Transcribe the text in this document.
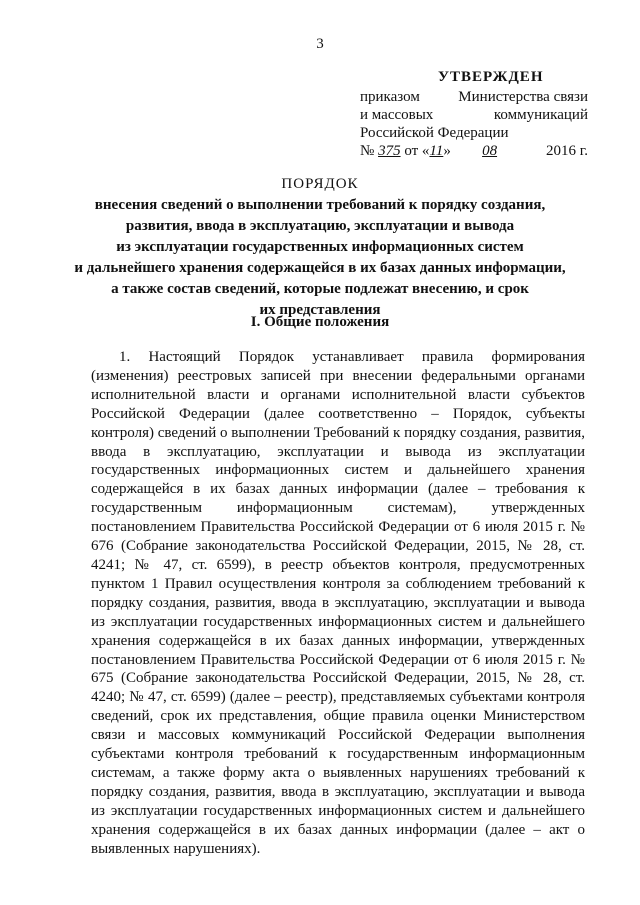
3
УТВЕРЖДЕН
приказом	Министерства связи
и массовых	коммуникаций
Российской Федерации
№ 375 от «11» 08	2016 г.
ПОРЯДОК
внесения сведений о выполнении требований к порядку создания,
развития, ввода в эксплуатацию, эксплуатации и вывода
из эксплуатации государственных информационных систем
и дальнейшего хранения содержащейся в их базах данных информации,
а также состав сведений, которые подлежат внесению, и срок
их представления
I. Общие положения

1. Настоящий Порядок устанавливает правила формирования (изменения) реестровых записей при внесении федеральными органами исполнительной власти и органами исполнительной власти субъектов Российской Федерации (далее соответственно – Порядок, субъекты контроля) сведений о выполнении Требований к порядку создания, развития, ввода в эксплуатацию, эксплуатации и вывода из эксплуатации государственных информационных систем и дальнейшего хранения содержащейся в их базах данных информации (далее – требования к государственным информационным системам), утвержденных постановлением Правительства Российской Федерации от 6 июля 2015 г. № 676 (Собрание законодательства Российской Федерации, 2015, № 28, ст. 4241; № 47, ст. 6599), в реестр объектов контроля, предусмотренных пунктом 1 Правил осуществления контроля за соблюдением требований к порядку создания, развития, ввода в эксплуатацию, эксплуатации и вывода из эксплуатации государственных информационных систем и дальнейшего хранения содержащейся в их базах данных информации, утвержденных постановлением Правительства Российской Федерации от 6 июля 2015 г. № 675 (Собрание законодательства Российской Федерации, 2015, № 28, ст. 4240; № 47, ст. 6599) (далее – реестр), представляемых субъектами контроля сведений, срок их представления, общие правила оценки Министерством связи и массовых коммуникаций Российской Федерации выполнения субъектами контроля требований к государственным информационным системам, а также форму акта о выявленных нарушениях требований к порядку создания, развития, ввода в эксплуатацию, эксплуатации и вывода из эксплуатации государственных информационных систем и дальнейшего хранения содержащейся в их базах данных информации (далее – акт о выявленных нарушениях).
